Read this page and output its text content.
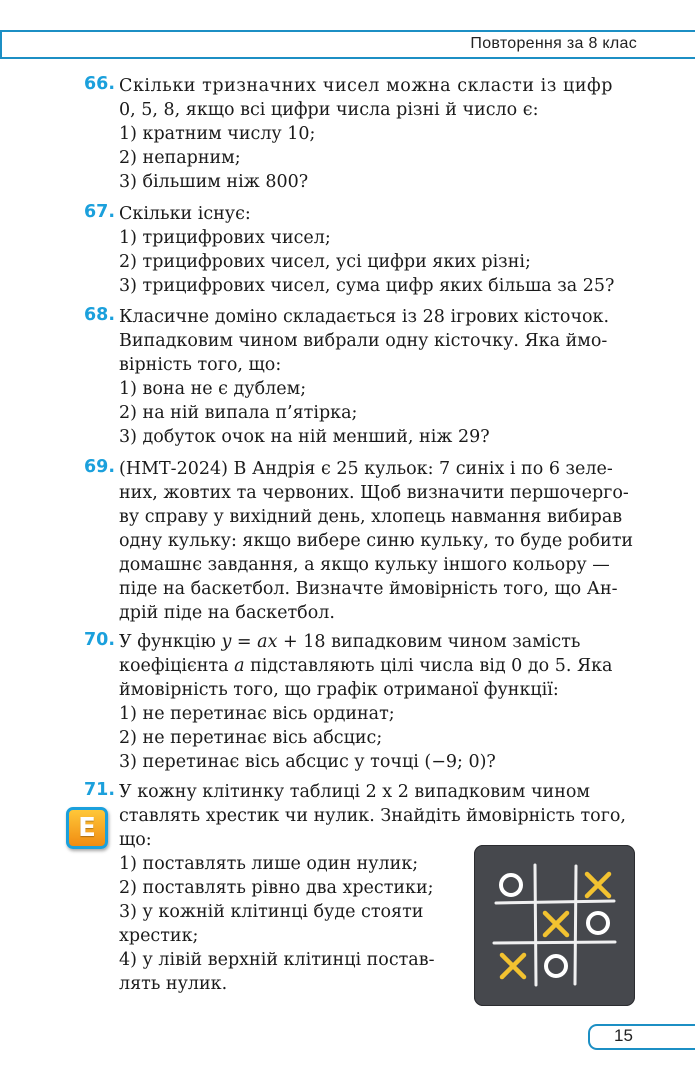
Повторення за 8 клас
66. Скільки тризначних чисел можна скласти із цифр
0, 5, 8, якщо всі цифри числа різні й число є:
1) кратним числу 10;
2) непарним;
3) більшим ніж 800?
67. Скільки існує:
1) трицифрових чисел;
2) трицифрових чисел, усі цифри яких різні;
3) трицифрових чисел, сума цифр яких більша за 25?
68. Класичне доміно складається із 28 ігрових кісточок.
Випадковим чином вибрали одну кісточку. Яка ймо-
вірність того, що:
1) вона не є дублем;
2) на ній випала п’ятірка;
3) добуток очок на ній менший, ніж 29?
69. (НМТ-2024) В Андрія є 25 кульок: 7 синіх і по 6 зеле-
них, жовтих та червоних. Щоб визначити першочерго-
ву справу у вихідний день, хлопець навмання вибирав
одну кульку: якщо вибере синю кульку, то буде робити
домашнє завдання, а якщо кульку іншого кольору —
піде на баскетбол. Визначте ймовірність того, що Ан-
дрій піде на баскетбол.
70. У функцію y = ax + 18 випадковим чином замість
коефіцієнта a підставляють цілі числа від 0 до 5. Яка
ймовірність того, що графік отриманої функції:
1) не перетинає вісь ординат;
2) не перетинає вісь абсцис;
3) перетинає вісь абсцис у точці (−9; 0)?
71. У кожну клітинку таблиці 2 х 2 випадковим чином
ставлять хрестик чи нулик. Знайдіть ймовірність того,
що:
1) поставлять лише один нулик;
2) поставлять рівно два хрестики;
3) у кожній клітинці буде стояти
хрестик;
4) у лівій верхній клітинці постав-
лять нулик.
Е
15
